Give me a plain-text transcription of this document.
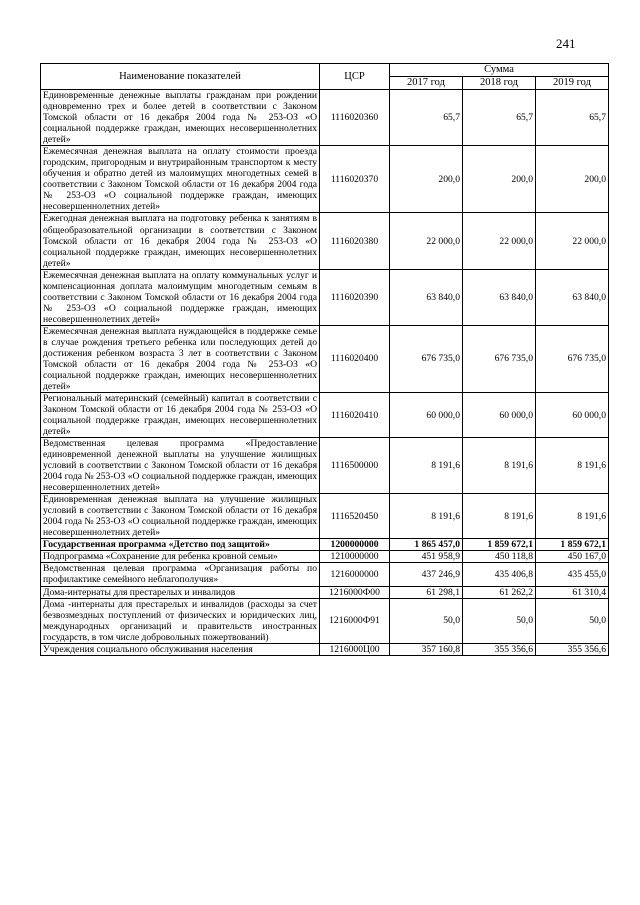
241
Наименование показателей	ЦСР	Сумма		
		2017 год	2018 год	2019 год
Единовременные денежные выплаты гражданам при рождении одновременно трех и более детей в соответствии с Законом Томской области от 16 декабря 2004 года № 253-ОЗ «О социальной поддержке граждан, имеющих несовершеннолетних детей»	1116020360	65,7	65,7	65,7
Ежемесячная денежная выплата на оплату стоимости проезда городским, пригородным и внутрирайонным транспортом к месту обучения и обратно детей из малоимущих многодетных семей в соответствии с Законом Томской области от 16 декабря 2004 года № 253-ОЗ «О социальной поддержке граждан, имеющих несовершеннолетних детей»	1116020370	200,0	200,0	200,0
Ежегодная денежная выплата на подготовку ребенка к занятиям в общеобразовательной организации в соответствии с Законом Томской области от 16 декабря 2004 года № 253-ОЗ «О социальной поддержке граждан, имеющих несовершеннолетних детей»	1116020380	22 000,0	22 000,0	22 000,0
Ежемесячная денежная выплата на оплату коммунальных услуг и компенсационная доплата малоимущим многодетным семьям в соответствии с Законом Томской области от 16 декабря 2004 года № 253-ОЗ «О социальной поддержке граждан, имеющих несовершеннолетних детей»	1116020390	63 840,0	63 840,0	63 840,0
Ежемесячная денежная выплата нуждающейся в поддержке семье в случае рождения третьего ребенка или последующих детей до достижения ребенком возраста 3 лет в соответствии с Законом Томской области от 16 декабря 2004 года № 253-ОЗ «О социальной поддержке граждан, имеющих несовершеннолетних детей»	1116020400	676 735,0	676 735,0	676 735,0
Региональный материнский (семейный) капитал в соответствии с Законом Томской области от 16 декабря 2004 года № 253-ОЗ «О социальной поддержке граждан, имеющих несовершеннолетних детей»	1116020410	60 000,0	60 000,0	60 000,0
Ведомственная целевая программа «Предоставление единовременной денежной выплаты на улучшение жилищных условий в соответствии с Законом Томской области от 16 декабря 2004 года № 253-ОЗ «О социальной поддержке граждан, имеющих несовершеннолетних детей»	1116500000	8 191,6	8 191,6	8 191,6
Единовременная денежная выплата на улучшение жилищных условий в соответствии с Законом Томской области от 16 декабря 2004 года № 253-ОЗ «О социальной поддержке граждан, имеющих несовершеннолетних детей»	1116520450	8 191,6	8 191,6	8 191,6
Государственная программа «Детство под защитой»	1200000000	1 865 457,0	1 859 672,1	1 859 672,1
Подпрограмма «Сохранение для ребенка кровной семьи»	1210000000	451 958,9	450 118,8	450 167,0
Ведомственная целевая программа «Организация работы по профилактике семейного неблагополучия»	1216000000	437 246,9	435 406,8	435 455,0
Дома-интернаты для престарелых и инвалидов	1216000Ф00	61 298,1	61 262,2	61 310,4
Дома -интернаты для престарелых и инвалидов (расходы за счет безвозмездных поступлений от физических и юридических лиц, международных организаций и правительств иностранных государств, в том числе добровольных пожертвований)	1216000Ф91	50,0	50,0	50,0
Учреждения социального обслуживания населения	1216000Ц00	357 160,8	355 356,6	355 356,6
